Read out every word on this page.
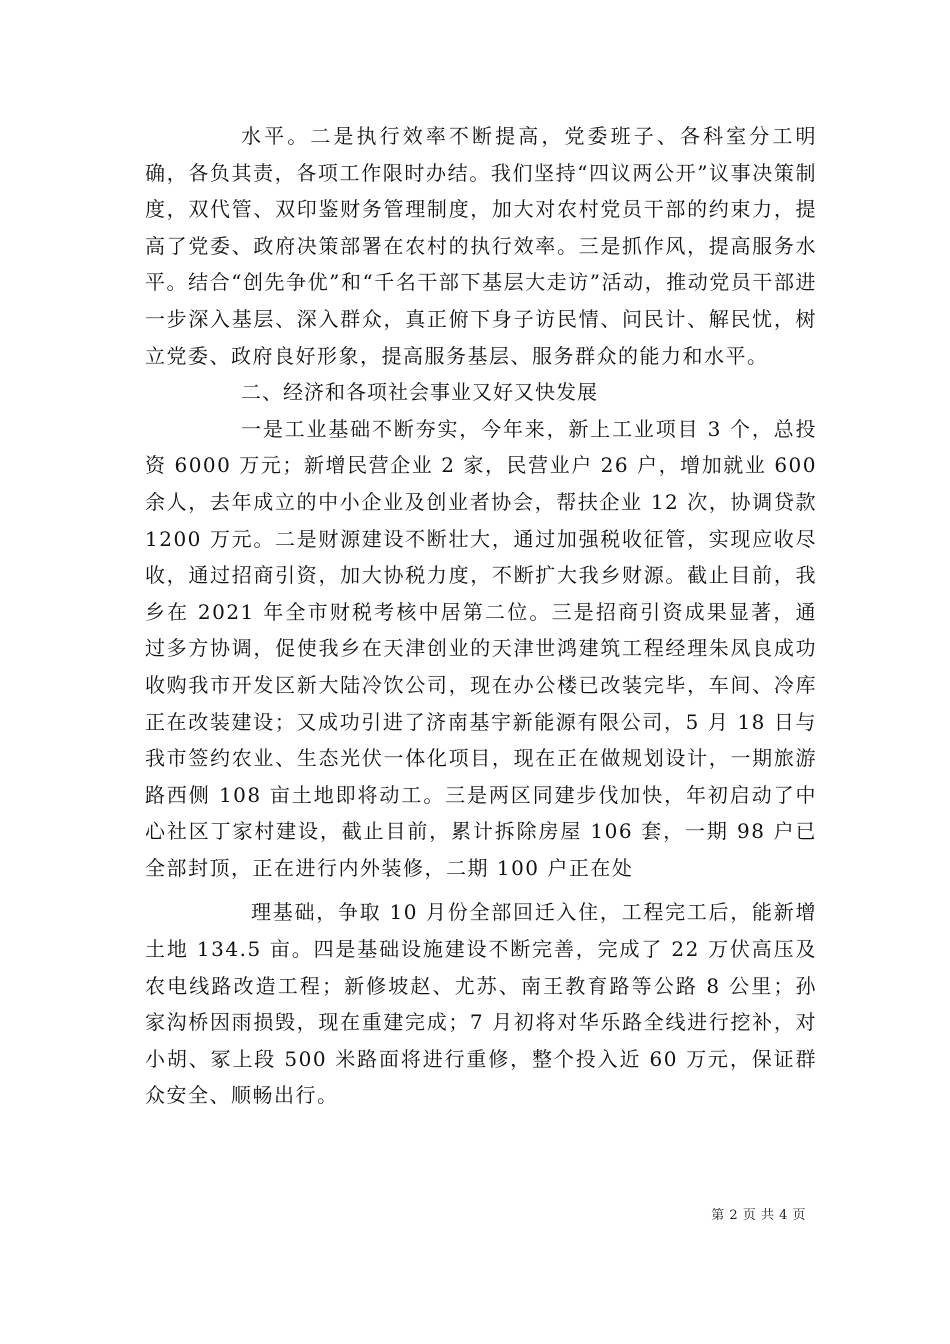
水平。二是执行效率不断提高，党委班子、各科室分工明确，各负其责，各项工作限时办结。我们坚持“四议两公开”议事决策制度，双代管、双印鉴财务管理制度，加大对农村党员干部的约束力，提高了党委、政府决策部署在农村的执行效率。三是抓作风，提高服务水平。结合“创先争优”和“千名干部下基层大走访”活动，推动党员干部进一步深入基层、深入群众，真正俯下身子访民情、问民计、解民忧，树立党委、政府良好形象，提高服务基层、服务群众的能力和水平。

二、经济和各项社会事业又好又快发展

一是工业基础不断夯实，今年来，新上工业项目 3 个，总投资 6000 万元；新增民营企业 2 家，民营业户 26 户，增加就业 600 余人，去年成立的中小企业及创业者协会，帮扶企业 12 次，协调贷款 1200 万元。二是财源建设不断壮大，通过加强税收征管，实现应收尽收，通过招商引资，加大协税力度，不断扩大我乡财源。截止目前，我乡在 2021 年全市财税考核中居第二位。三是招商引资成果显著，通过多方协调，促使我乡在天津创业的天津世鸿建筑工程经理朱凤良成功收购我市开发区新大陆冷饮公司，现在办公楼已改装完毕，车间、冷库正在改装建设；又成功引进了济南基宇新能源有限公司，5 月 18 日与我市签约农业、生态光伏一体化项目，现在正在做规划设计，一期旅游路西侧 108 亩土地即将动工。三是两区同建步伐加快，年初启动了中心社区丁家村建设，截止目前，累计拆除房屋 106 套，一期 98 户已全部封顶，正在进行内外装修，二期 100 户正在处

理基础，争取 10 月份全部回迁入住，工程完工后，能新增土地 134.5 亩。四是基础设施建设不断完善，完成了 22 万伏高压及农电线路改造工程；新修坡赵、尤苏、南王教育路等公路 8 公里；孙家沟桥因雨损毁，现在重建完成；7 月初将对华乐路全线进行挖补，对小胡、冢上段 500 米路面将进行重修，整个投入近 60 万元，保证群众安全、顺畅出行。

第 2 页 共 4 页
